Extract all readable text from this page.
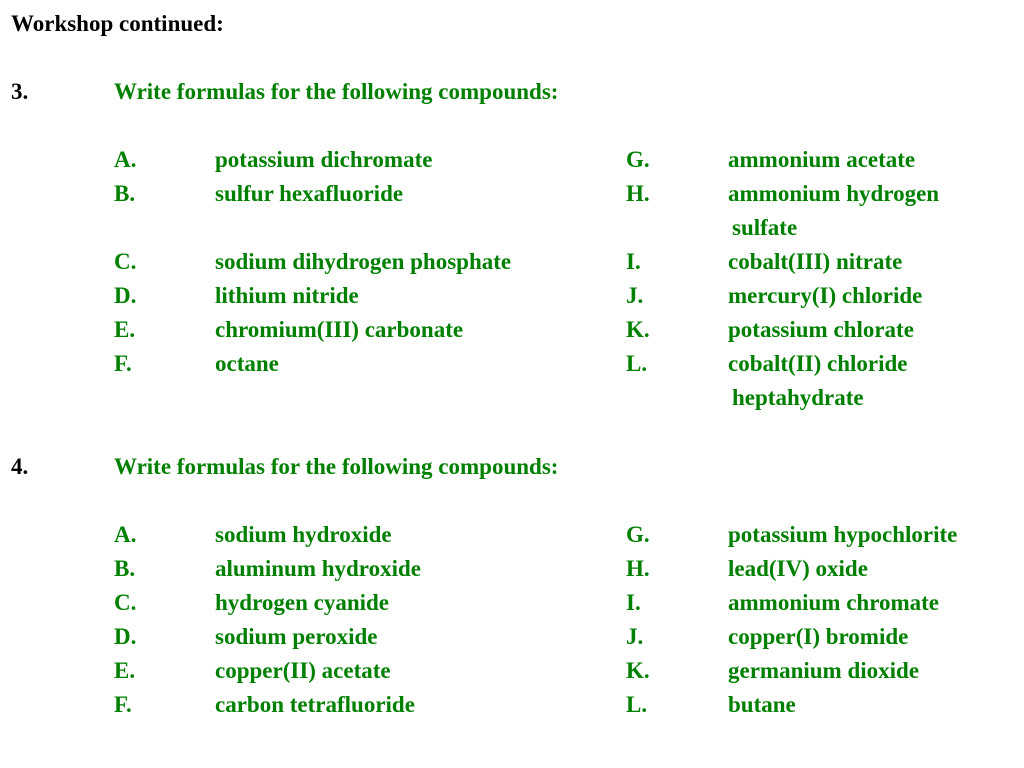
Workshop continued:
3.	Write formulas for the following compounds:
A.	potassium dichromate	G.	ammonium acetate
B.	sulfur hexafluoride	H.	ammonium hydrogen
sulfate
C.	sodium dihydrogen phosphate	I.	cobalt(III) nitrate
D.	lithium nitride	J.	mercury(I) chloride
E.	chromium(III) carbonate	K.	potassium chlorate
F.	octane	L.	cobalt(II) chloride
heptahydrate
4.	Write formulas for the following compounds:
A.	sodium hydroxide	G.	potassium hypochlorite
B.	aluminum hydroxide	H.	lead(IV) oxide
C.	hydrogen cyanide	I.	ammonium chromate
D.	sodium peroxide	J.	copper(I) bromide
E.	copper(II) acetate	K.	germanium dioxide
F.	carbon tetrafluoride	L.	butane
